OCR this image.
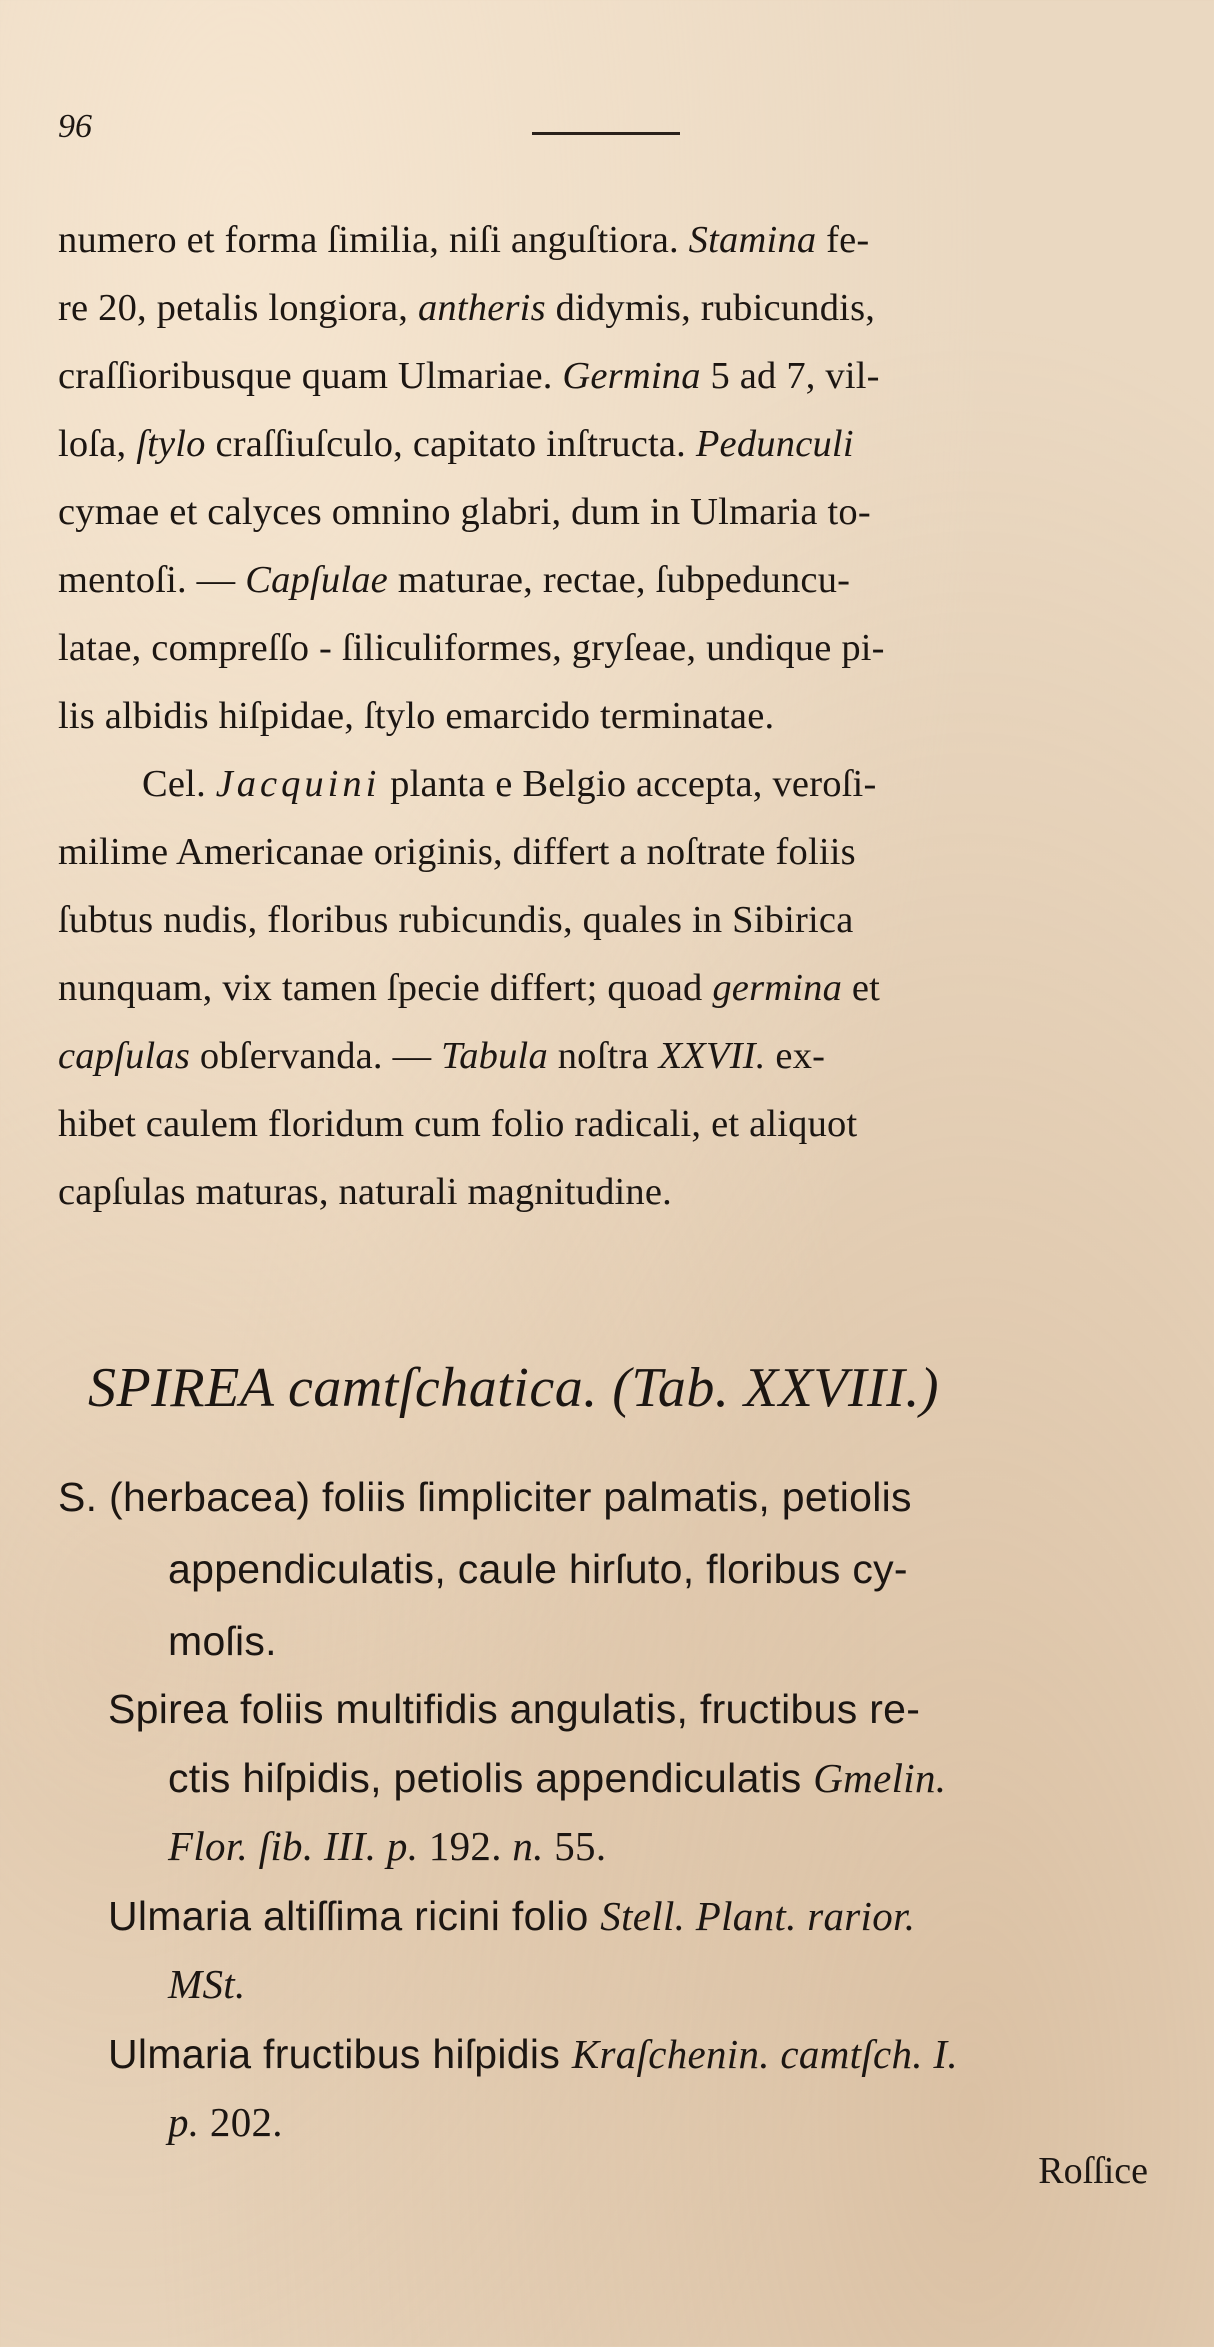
96
numero et forma ſimilia, niſi anguſtiora. Stamina fe-
re 20, petalis longiora, antheris didymis, rubicundis,
craſſioribusque quam Ulmariae. Germina 5 ad 7, vil-
loſa, ſtylo craſſiuſculo, capitato inſtructa. Pedunculi
cymae et calyces omnino glabri, dum in Ulmaria to-
mentoſi. — Capſulae maturae, rectae, ſubpeduncu-
latae, compreſſo - ſiliculiformes, gryſeae, undique pi-
lis albidis hiſpidae, ſtylo emarcido terminatae.
Cel. Jacquini planta e Belgio accepta, veroſi-
milime Americanae originis, differt a noſtrate foliis
ſubtus nudis, floribus rubicundis, quales in Sibirica
nunquam, vix tamen ſpecie differt; quoad germina et
capſulas obſervanda. — Tabula noſtra XXVII. ex-
hibet caulem floridum cum folio radicali, et aliquot
capſulas maturas, naturali magnitudine.
SPIREA camtſchatica. (Tab. XXVIII.)
S. (herbacea) foliis ſimpliciter palmatis, petiolis
appendiculatis, caule hirſuto, floribus cy-
moſis.
Spirea foliis multifidis angulatis, fructibus re-
ctis hiſpidis, petiolis appendiculatis Gmelin.
Flor. ſib. III. p. 192. n. 55.
Ulmaria altiſſima ricini folio Stell. Plant. rarior.
MSt.
Ulmaria fructibus hiſpidis Kraſchenin. camtſch. I.
p. 202.
Roſſice
